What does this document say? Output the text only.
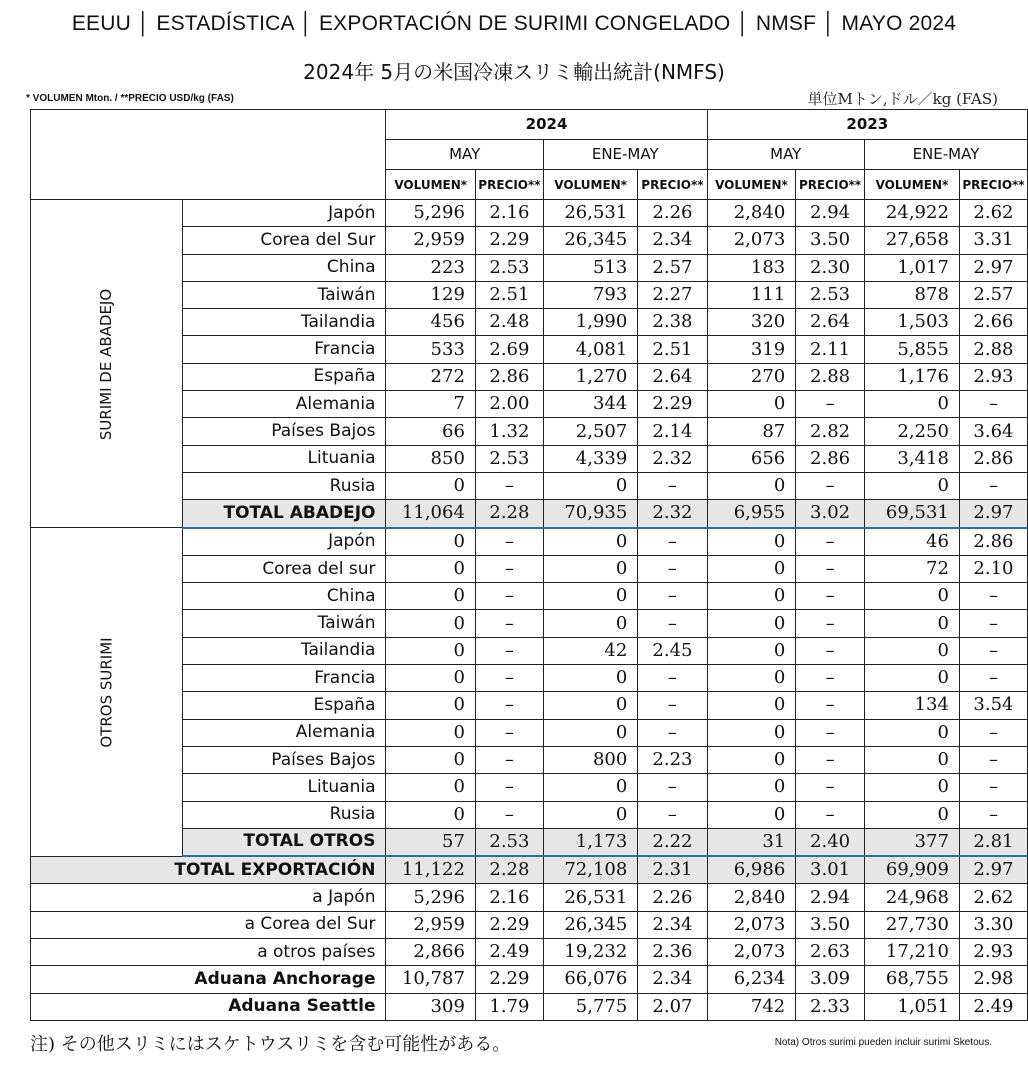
EEUU │ ESTADÍSTICA │ EXPORTACIÓN DE SURIMI CONGELADO │ NMSF │ MAYO 2024
2024年 5月の米国冷凍スリミ輸出統計(NMFS)
* VOLUMEN Mton. / **PRECIO USD/kg (FAS)	単位Mトン,ドル／kg (FAS)
		2024				2023			
		MAY		ENE-MAY		MAY		ENE-MAY	
		VOLUMEN*	PRECIO**	VOLUMEN*	PRECIO**	VOLUMEN*	PRECIO**	VOLUMEN*	PRECIO**
SURIMI DE ABADEJO	Japón	5,296	2.16	26,531	2.26	2,840	2.94	24,922	2.62
	Corea del Sur	2,959	2.29	26,345	2.34	2,073	3.50	27,658	3.31
	China	223	2.53	513	2.57	183	2.30	1,017	2.97
	Taiwán	129	2.51	793	2.27	111	2.53	878	2.57
	Tailandia	456	2.48	1,990	2.38	320	2.64	1,503	2.66
	Francia	533	2.69	4,081	2.51	319	2.11	5,855	2.88
	España	272	2.86	1,270	2.64	270	2.88	1,176	2.93
	Alemania	7	2.00	344	2.29	0	–	0	–
	Países Bajos	66	1.32	2,507	2.14	87	2.82	2,250	3.64
	Lituania	850	2.53	4,339	2.32	656	2.86	3,418	2.86
	Rusia	0	–	0	–	0	–	0	–
	TOTAL ABADEJO	11,064	2.28	70,935	2.32	6,955	3.02	69,531	2.97
OTROS SURIMI	Japón	0	–	0	–	0	–	46	2.86
	Corea del sur	0	–	0	–	0	–	72	2.10
	China	0	–	0	–	0	–	0	–
	Taiwán	0	–	0	–	0	–	0	–
	Tailandia	0	–	42	2.45	0	–	0	–
	Francia	0	–	0	–	0	–	0	–
	España	0	–	0	–	0	–	134	3.54
	Alemania	0	–	0	–	0	–	0	–
	Países Bajos	0	–	800	2.23	0	–	0	–
	Lituania	0	–	0	–	0	–	0	–
	Rusia	0	–	0	–	0	–	0	–
	TOTAL OTROS	57	2.53	1,173	2.22	31	2.40	377	2.81
TOTAL EXPORTACIÓN		11,122	2.28	72,108	2.31	6,986	3.01	69,909	2.97
a Japón		5,296	2.16	26,531	2.26	2,840	2.94	24,968	2.62
a Corea del Sur		2,959	2.29	26,345	2.34	2,073	3.50	27,730	3.30
a otros países		2,866	2.49	19,232	2.36	2,073	2.63	17,210	2.93
Aduana Anchorage		10,787	2.29	66,076	2.34	6,234	3.09	68,755	2.98
Aduana Seattle		309	1.79	5,775	2.07	742	2.33	1,051	2.49
注) その他スリミにはスケトウスリミを含む可能性がある。	Nota) Otros surimi pueden incluir surimi Sketous.
